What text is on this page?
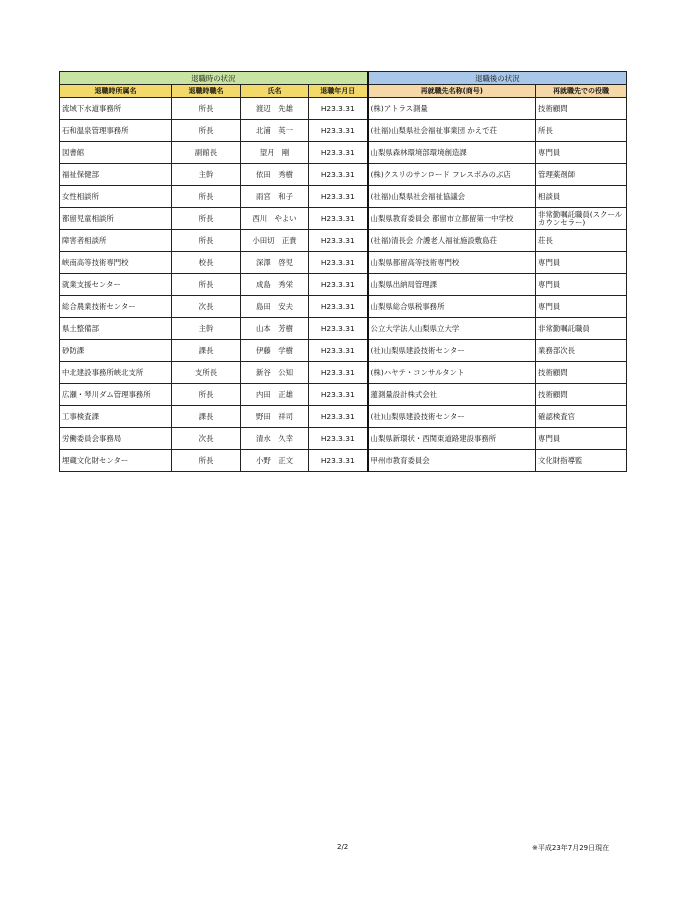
退職時の状況				退職後の状況	
退職時所属名	退職時職名	氏名	退職年月日	再就職先名称(商号)	再就職先での役職
流域下水道事務所	所長	渡辺　先雄	H23.3.31	(株)アトラス測量	技術顧問
石和温泉管理事務所	所長	北浦　英一	H23.3.31	(社福)山梨県社会福祉事業団 かえで荘	所長
図書館	副館長	望月　剛	H23.3.31	山梨県森林環境部環境創造課	専門員
福祉保健部	主幹	依田　秀樹	H23.3.31	(株)クスリのサンロード フレスポみのぶ店	管理薬剤師
女性相談所	所長	雨宮　和子	H23.3.31	(社福)山梨県社会福祉協議会	相談員
都留児童相談所	所長	西川　やよい	H23.3.31	山梨県教育委員会 都留市立都留第一中学校	非常勤嘱託職員(スクールカウンセラー)
障害者相談所	所長	小田切　正貴	H23.3.31	(社福)清長会 介護老人福祉施設敷島荘	荘長
峡南高等技術専門校	校長	深澤　啓児	H23.3.31	山梨県都留高等技術専門校	専門員
就業支援センター	所長	成島　秀栄	H23.3.31	山梨県出納局管理課	専門員
総合農業技術センター	次長	島田　安夫	H23.3.31	山梨県総合県税事務所	専門員
県土整備部	主幹	山本　芳樹	H23.3.31	公立大学法人山梨県立大学	非常勤嘱託職員
砂防課	課長	伊藤　学樹	H23.3.31	(社)山梨県建設技術センター	業務部次長
中北建設事務所峡北支所	支所長	新谷　公知	H23.3.31	(株)ハヤテ・コンサルタント	技術顧問
広瀬・琴川ダム管理事務所	所長	内田　正雄	H23.3.31	蓮測量設計株式会社	技術顧問
工事検査課	課長	野田　祥司	H23.3.31	(社)山梨県建設技術センター	確認検査官
労働委員会事務局	次長	清水　久幸	H23.3.31	山梨県新環状・西関東道路建設事務所	専門員
埋蔵文化財センター	所長	小野　正文	H23.3.31	甲州市教育委員会	文化財指導監
2/2	※平成23年7月29日現在
